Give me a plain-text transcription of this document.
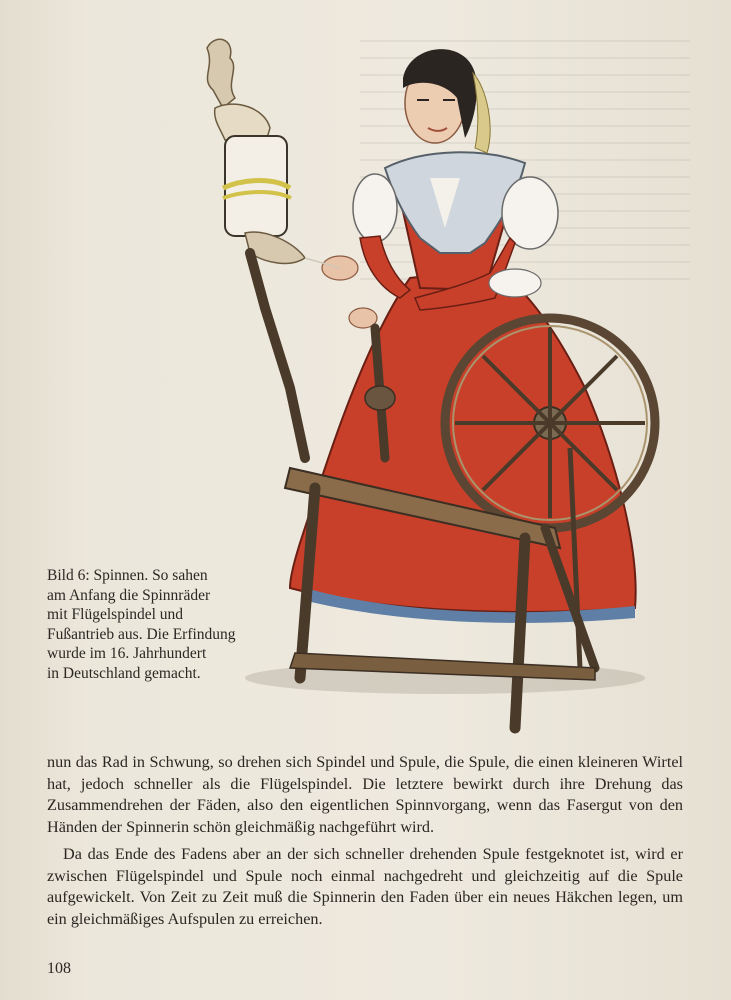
Bild 6: Spinnen. So sahen

am Anfang die Spinnräder

mit Flügelspindel und

Fußantrieb aus. Die Erfindung

wurde im 16. Jahrhundert

in Deutschland gemacht.

nun das Rad in Schwung, so drehen sich Spindel und Spule, die Spule, die einen kleineren Wirtel hat, jedoch schneller als die Flügelspindel. Die letztere bewirkt durch ihre Drehung das Zusammendrehen der Fäden, also den eigentlichen Spinnvorgang, wenn das Fasergut von den Händen der Spinnerin schön gleichmäßig nachgeführt wird.

Da das Ende des Fadens aber an der sich schneller drehenden Spule festgeknotet ist, wird er zwischen Flügelspindel und Spule noch einmal nachgedreht und gleichzeitig auf die Spule aufgewickelt. Von Zeit zu Zeit muß die Spinnerin den Faden über ein neues Häkchen legen, um ein gleichmäßiges Aufspulen zu erreichen.

108
